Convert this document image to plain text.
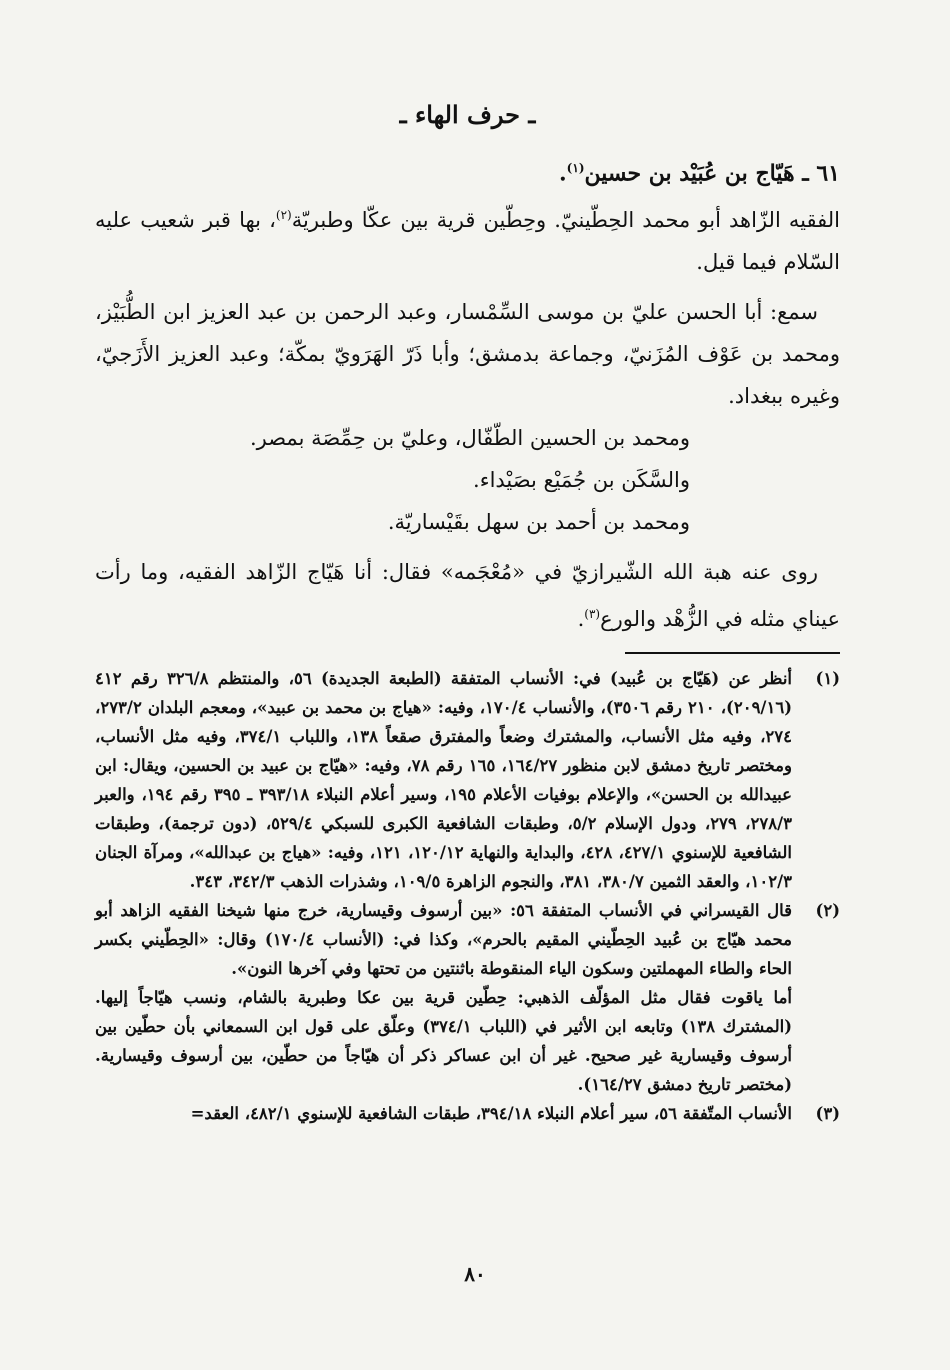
ـ حرف الهاء ـ
٦١ ـ هَيّاج بن عُبَيْد بن حسين$^{(١)}$.
الفقيه الزّاهد أبو محمد الحِطّينيّ. وحِطّين قرية بين عكّا وطبريّة$^{(٢)}$، بها قبر شعيب عليه السّلام فيما قيل.
سمع: أبا الحسن عليّ بن موسى السِّمْسار، وعبد الرحمن بن عبد العزيز ابن الطُّبَيْز، ومحمد بن عَوْف المُزَنيّ، وجماعة بدمشق؛ وأبا ذَرّ الهَرَويّ بمكّة؛ وعبد العزيز الأَزَجيّ، وغيره ببغداد.
ومحمد بن الحسين الطّفّال، وعليّ بن حِمِّصَة بمصر.
والسَّكَن بن جُمَيْع بصَيْداء.
ومحمد بن أحمد بن سهل بقَيْساريّة.
روى عنه هبة الله الشّيرازيّ في «مُعْجَمه» فقال: أنا هَيّاج الزّاهد الفقيه، وما رأت عيناي مثله في الزُّهْد والورع$^{(٣)}$.
(١)

أنظر عن (هَيّاج بن عُبيد) في: الأنساب المتفقة (الطبعة الجديدة) ٥٦، والمنتظم ٣٢٦/٨ رقم ٤١٢ (٢٠٩/١٦)، ٢١٠ رقم ٣٥٠٦)، والأنساب ١٧٠/٤، وفيه: «هياج بن محمد بن عبيد»، ومعجم البلدان ٢٧٣/٢، ٢٧٤، وفيه مثل الأنساب، والمشترك وضعاً والمفترق صقعاً ١٣٨، واللباب ٣٧٤/١، وفيه مثل الأنساب، ومختصر تاريخ دمشق لابن منظور ١٦٤/٢٧، ١٦٥ رقم ٧٨، وفيه: «هيّاج بن عبيد بن الحسين، ويقال: ابن عبيدالله بن الحسن»، والإعلام بوفيات الأعلام ١٩٥، وسير أعلام النبلاء ٣٩٣/١٨ ـ ٣٩٥ رقم ١٩٤، والعبر ٢٧٨/٣، ٢٧٩، ودول الإسلام ٥/٢، وطبقات الشافعية الكبرى للسبكي ٥٢٩/٤، (دون ترجمة)، وطبقات الشافعية للإسنوي ٤٢٧/١، ٤٢٨، والبداية والنهاية ١٢٠/١٢، ١٢١، وفيه: «هياج بن عبدالله»، ومرآة الجنان ١٠٢/٣، والعقد الثمين ٣٨٠/٧، ٣٨١، والنجوم الزاهرة ١٠٩/٥، وشذرات الذهب ٣٤٢/٣، ٣٤٣.

(٢)

قال القيسراني في الأنساب المتفقة ٥٦: «بين أرسوف وقيسارية، خرج منها شيخنا الفقيه الزاهد أبو محمد هيّاج بن عُبيد الحِطّيني المقيم بالحرم»، وكذا في: (الأنساب ١٧٠/٤) وقال: «الحِطّيني بكسر الحاء والطاء المهملتين وسكون الياء المنقوطة باثنتين من تحتها وفي آخرها النون».

أما ياقوت فقال مثل المؤلّف الذهبي: حِطّين قرية بين عكا وطبرية بالشام، ونسب هيّاجاً إليها. (المشترك ١٣٨) وتابعه ابن الأثير في (اللباب ٣٧٤/١) وعلّق على قول ابن السمعاني بأن حطّين بين أرسوف وقيسارية غير صحيح. غير أن ابن عساكر ذكر أن هيّاجاً من حطّين، بين أرسوف وقيسارية. (مختصر تاريخ دمشق ١٦٤/٢٧).

(٣)

الأنساب المتّفقة ٥٦، سير أعلام النبلاء ٣٩٤/١٨، طبقات الشافعية للإسنوي ٤٨٢/١، العقد=

٨٠
